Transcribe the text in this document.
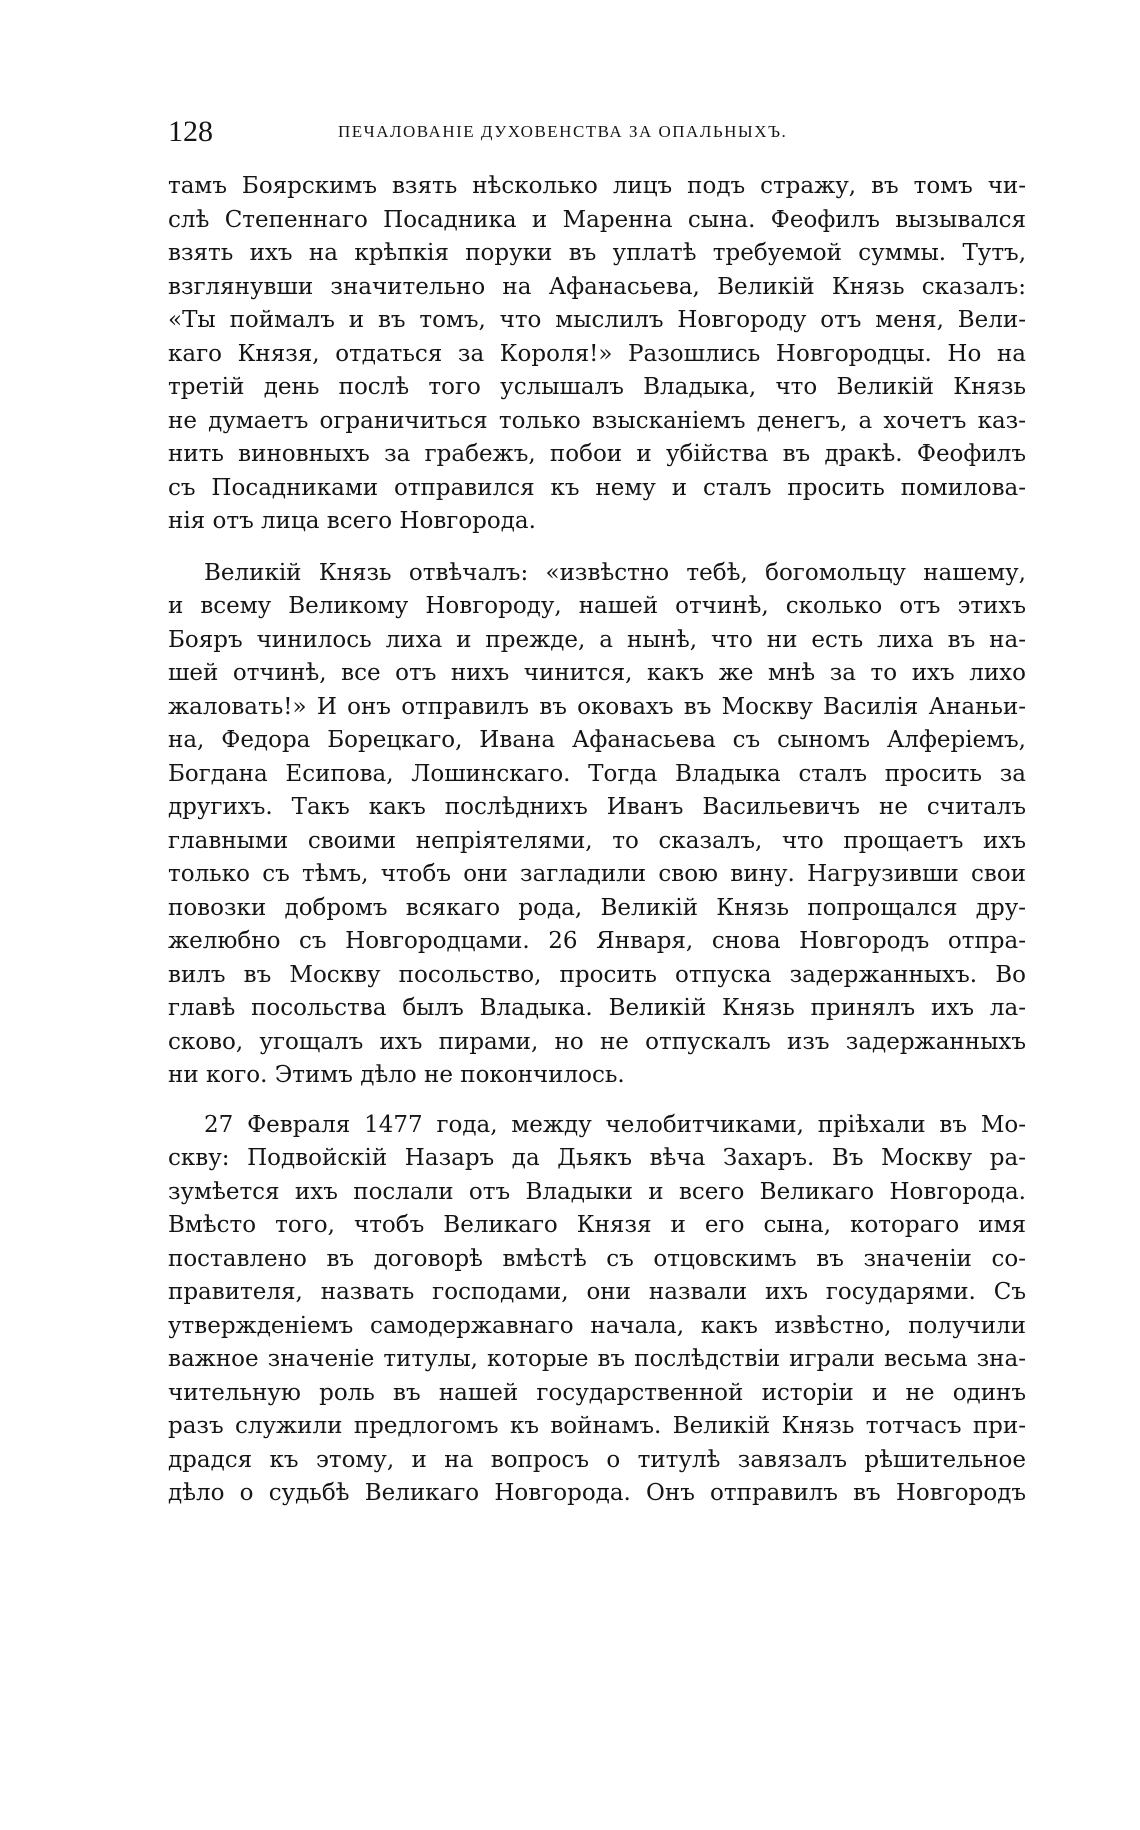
128	ПЕЧАЛОВАНІЕ ДУХОВЕНСТВА ЗА ОПАЛЬНЫХЪ.
тамъ Боярскимъ взять нѣсколько лицъ подъ стражу, въ томъ чи-
слѣ Степеннаго Посадника и Маренна сына. Феофилъ вызывался
взять ихъ на крѣпкія поруки въ уплатѣ требуемой суммы. Тутъ,
взглянувши значительно на Афанасьева, Великій Князь сказалъ:
«Ты поймалъ и въ томъ, что мыслилъ Новгороду отъ меня, Вели-
каго Князя, отдаться за Короля!» Разошлись Новгородцы. Но на
третій день послѣ того услышалъ Владыка, что Великій Князь
не думаетъ ограничиться только взысканіемъ денегъ, а хочетъ каз-
нить виновныхъ за грабежъ, побои и убійства въ дракѣ. Феофилъ
съ Посадниками отправился къ нему и сталъ просить помилова-
нія отъ лица всего Новгорода.
Великій Князь отвѣчалъ: «извѣстно тебѣ, богомольцу нашему,
и всему Великому Новгороду, нашей отчинѣ, сколько отъ этихъ
Бояръ чинилось лиха и прежде, а нынѣ, что ни есть лиха въ на-
шей отчинѣ, все отъ нихъ чинится, какъ же мнѣ за то ихъ лихо
жаловать!» И онъ отправилъ въ оковахъ въ Москву Василія Ананьи-
на, Федора Борецкаго, Ивана Афанасьева съ сыномъ Алферіемъ,
Богдана Есипова, Лошинскаго. Тогда Владыка сталъ просить за
другихъ. Такъ какъ послѣднихъ Иванъ Васильевичъ не считалъ
главными своими непріятелями, то сказалъ, что прощаетъ ихъ
только съ тѣмъ, чтобъ они загладили свою вину. Нагрузивши свои
повозки добромъ всякаго рода, Великій Князь попрощался дру-
желюбно съ Новгородцами. 26 Января, снова Новгородъ отпра-
вилъ въ Москву посольство, просить отпуска задержанныхъ. Во
главѣ посольства былъ Владыка. Великій Князь принялъ ихъ ла-
сково, угощалъ ихъ пирами, но не отпускалъ изъ задержанныхъ
ни кого. Этимъ дѣло не покончилось.
27 Февраля 1477 года, между челобитчиками, пріѣхали въ Мо-
скву: Подвойскій Назаръ да Дьякъ вѣча Захаръ. Въ Москву ра-
зумѣется ихъ послали отъ Владыки и всего Великаго Новгорода.
Вмѣсто того, чтобъ Великаго Князя и его сына, котораго имя
поставлено въ договорѣ вмѣстѣ съ отцовскимъ въ значеніи со-
правителя, назвать господами, они назвали ихъ государями. Съ
утвержденіемъ самодержавнаго начала, какъ извѣстно, получили
важное значеніе титулы, которые въ послѣдствіи играли весьма зна-
чительную роль въ нашей государственной исторіи и не одинъ
разъ служили предлогомъ къ войнамъ. Великій Князь тотчасъ при-
драдся къ этому, и на вопросъ о титулѣ завязалъ рѣшительное
дѣло о судьбѣ Великаго Новгорода. Онъ отправилъ въ Новгородъ
